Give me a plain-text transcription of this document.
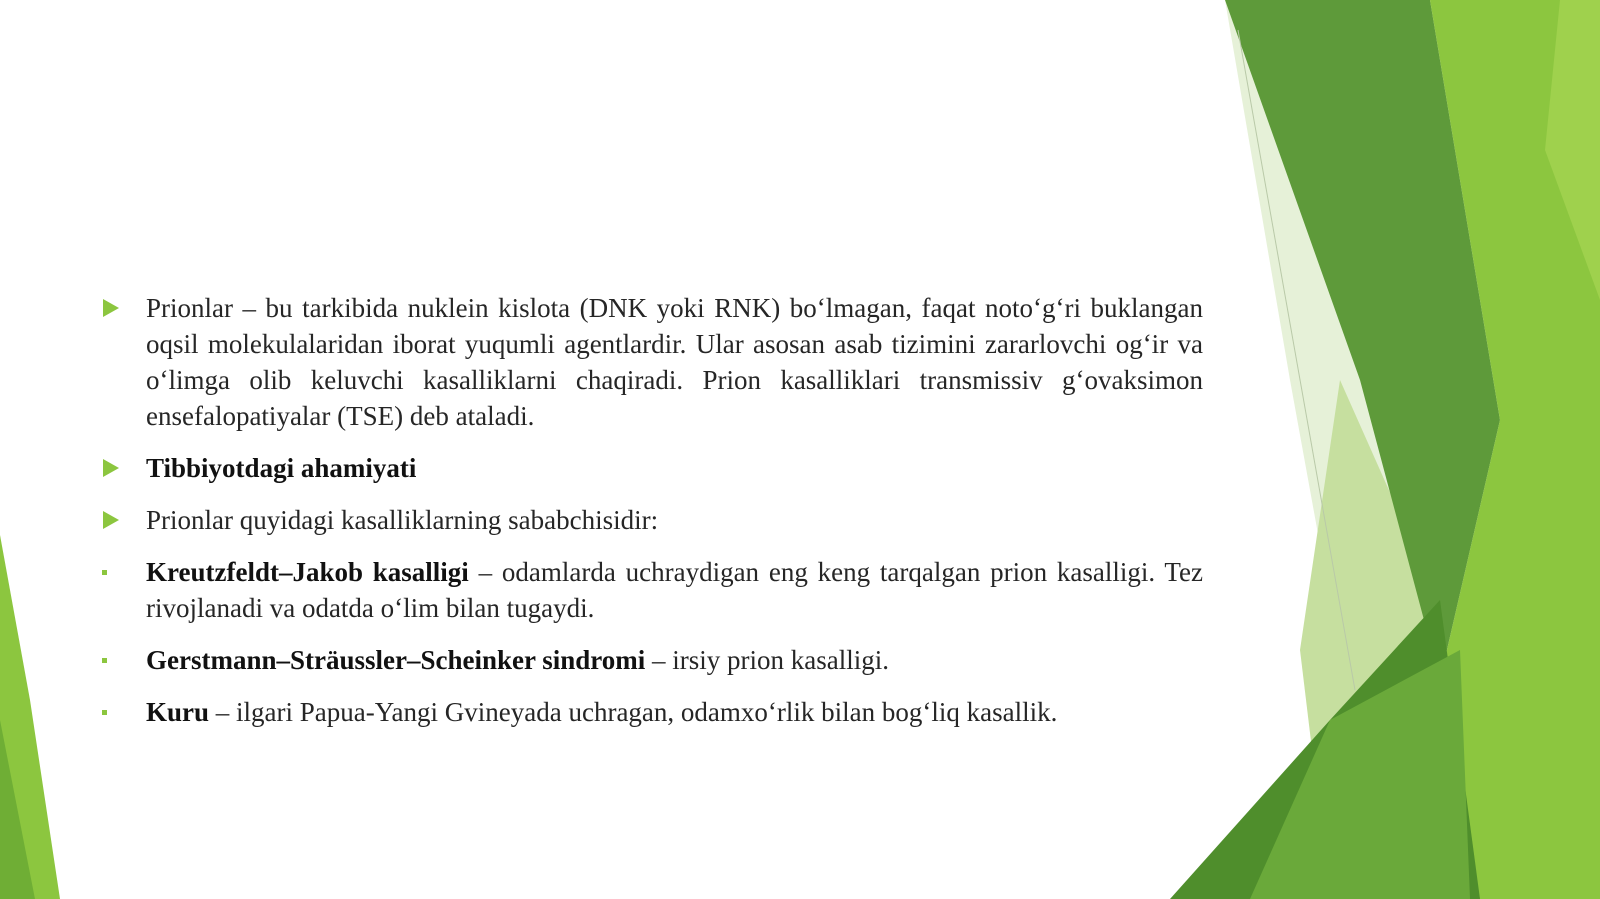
Prionlar – bu tarkibida nuklein kislota (DNK yoki RNK) bo‘lmagan, faqat noto‘g‘ri buklangan oqsil molekulalaridan iborat yuqumli agentlardir. Ular asosan asab tizimini zararlovchi og‘ir va o‘limga olib keluvchi kasalliklarni chaqiradi. Prion kasalliklari transmissiv g‘ovaksimon ensefalopatiyalar (TSE) deb ataladi.
Tibbiyotdagi ahamiyati
Prionlar quyidagi kasalliklarning sababchisidir:
Kreutzfeldt–Jakob kasalligi – odamlarda uchraydigan eng keng tarqalgan prion kasalligi. Tez rivojlanadi va odatda o‘lim bilan tugaydi.
Gerstmann–Sträussler–Scheinker sindromi – irsiy prion kasalligi.
Kuru – ilgari Papua-Yangi Gvineyada uchragan, odamxo‘rlik bilan bog‘liq kasallik.
